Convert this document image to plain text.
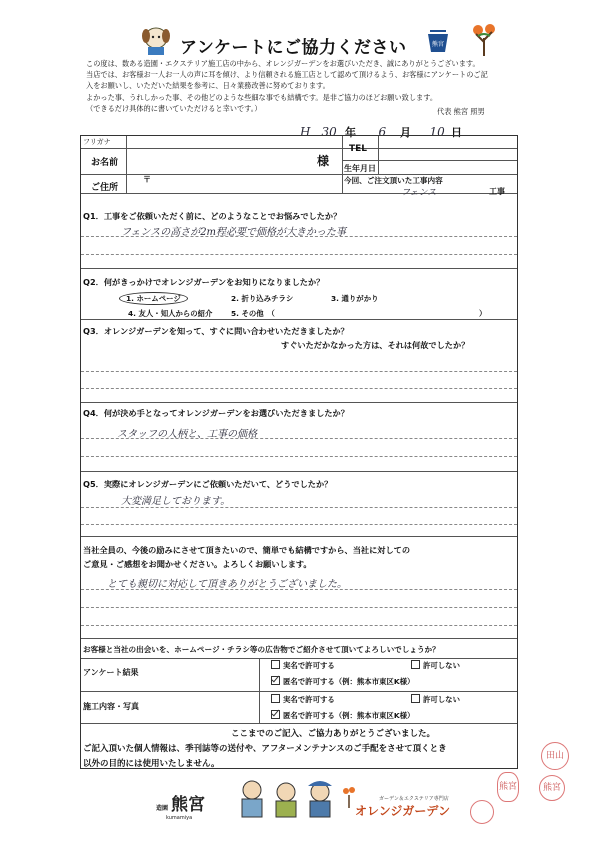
アンケートにご協力ください	熊宮
この度は、数ある造園・エクステリア施工店の中から、オレンジガーデンをお選びいただき、誠にありがとうございます。
当店では、お客様お一人お一人の声に耳を傾け、より信頼される施工店として認めて頂けるよう、お客様にアンケートのご記
入をお願いし、いただいた結果を参考に、日々業務改善に努めております。
よかった事、うれしかった事、その他どのような些細な事でも結構です。是非ご協力のほどお願い致します。
（できるだけ具体的に書いていただけると幸いです。）	代表 熊宮 照男
H 30 年 6 月 10 日
フリガナ
お名前	様
TEL
生年月日
ご住所
〒	今回、ご注文頂いた工事内容
フェンス	工事
Q1．工事をご依頼いただく前に、どのようなことでお悩みでしたか？
フェンスの高さが2m程必要で価格が大きかった事
Q2．何がきっかけでオレンジガーデンをお知りになりましたか？
1. ホームページ	2. 折り込みチラシ	3. 通りがかり
4. 友人・知人からの紹介	5. その他　（	）
Q3．オレンジガーデンを知って、すぐに問い合わせいただきましたか？
すぐいただかなかった方は、それは何故でしたか？
Q4．何が決め手となってオレンジガーデンをお選びいただきましたか？
スタッフの人柄と、工事の価格
Q5．実際にオレンジガーデンにご依頼いただいて、どうでしたか？
大変満足しております。
当社全員の、今後の励みにさせて頂きたいので、簡単でも結構ですから、当社に対しての
ご意見・ご感想をお聞かせください。よろしくお願いします。
とても親切に対応して頂きありがとうございました。
お客様と当社の出会いを、ホームページ・チラシ等の広告物でご紹介させて頂いてよろしいでしょうか？
アンケート結果
実名で許可する	許可しない
匿名で許可する（例：熊本市東区K様）
施工内容・写真
実名で許可する	許可しない
匿名で許可する（例：熊本市東区K様）
ここまでのご記入、ご協力ありがとうございました。
ご記入頂いた個人情報は、季刊誌等の送付や、アフターメンテナンスのご手配をさせて頂くとき
以外の目的には使用いたしません。
造園 熊宮
kumamiya
ガーデン＆エクステリア専門店
オレンジガーデン
田山
熊宮	熊宮
